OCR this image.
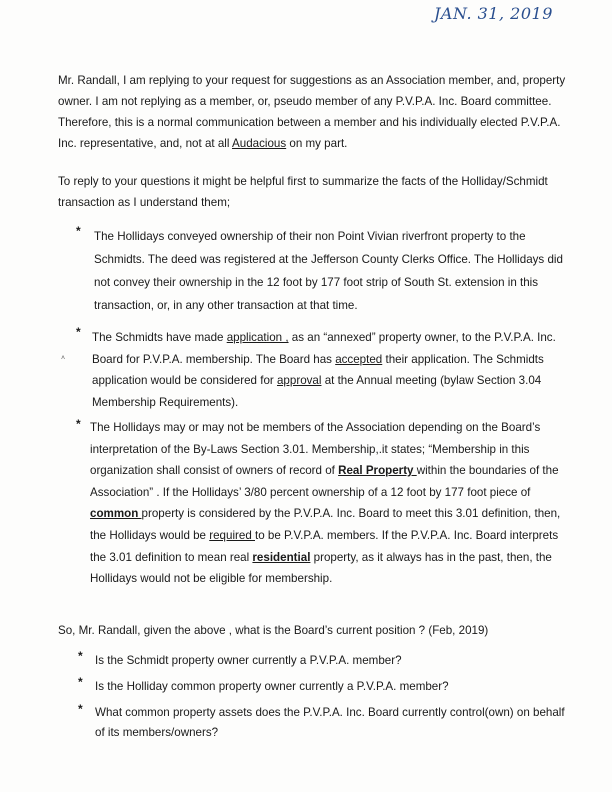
JAN. 31, 2019

Mr. Randall, I am replying to your request for suggestions as an Association member, and, property owner. I am not replying as a member, or, pseudo member of any P.V.P.A. Inc. Board committee. Therefore, this is a normal communication between a member and his individually elected P.V.P.A. Inc. representative, and, not at all Audacious on my part.

To reply to your questions it might be helpful first to summarize the facts of the Holliday/Schmidt transaction as I understand them;

* The Hollidays conveyed ownership of their non Point Vivian riverfront property to the Schmidts. The deed was registered at the Jefferson County Clerks Office. The Hollidays did not convey their ownership in the 12 foot by 177 foot strip of South St. extension in this transaction, or, in any other transaction at that time.

*
˄

The Schmidts have made application , as an “annexed” property owner, to the P.V.P.A. Inc. Board for P.V.P.A. membership. The Board has accepted their application. The Schmidts application would be considered for approval at the Annual meeting (bylaw Section 3.04 Membership Requirements).

* The Hollidays may or may not be members of the Association depending on the Board’s interpretation of the By-Laws Section 3.01. Membership,.it states; “Membership in this organization shall consist of owners of record of Real Property within the boundaries of the Association” . If the Hollidays’ 3/80 percent ownership of a 12 foot by 177 foot piece of common property is considered by the P.V.P.A. Inc. Board to meet this 3.01 definition, then, the Hollidays would be required to be P.V.P.A. members. If the P.V.P.A. Inc. Board interprets the 3.01 definition to mean real residential property, as it always has in the past, then, the Hollidays would not be eligible for membership.

So, Mr. Randall, given the above , what is the Board’s current position ? (Feb, 2019)

* Is the Schmidt property owner currently a P.V.P.A. member?

* Is the Holliday common property owner currently a P.V.P.A. member?

* What common property assets does the P.V.P.A. Inc. Board currently control(own) on behalf of its members/owners?
